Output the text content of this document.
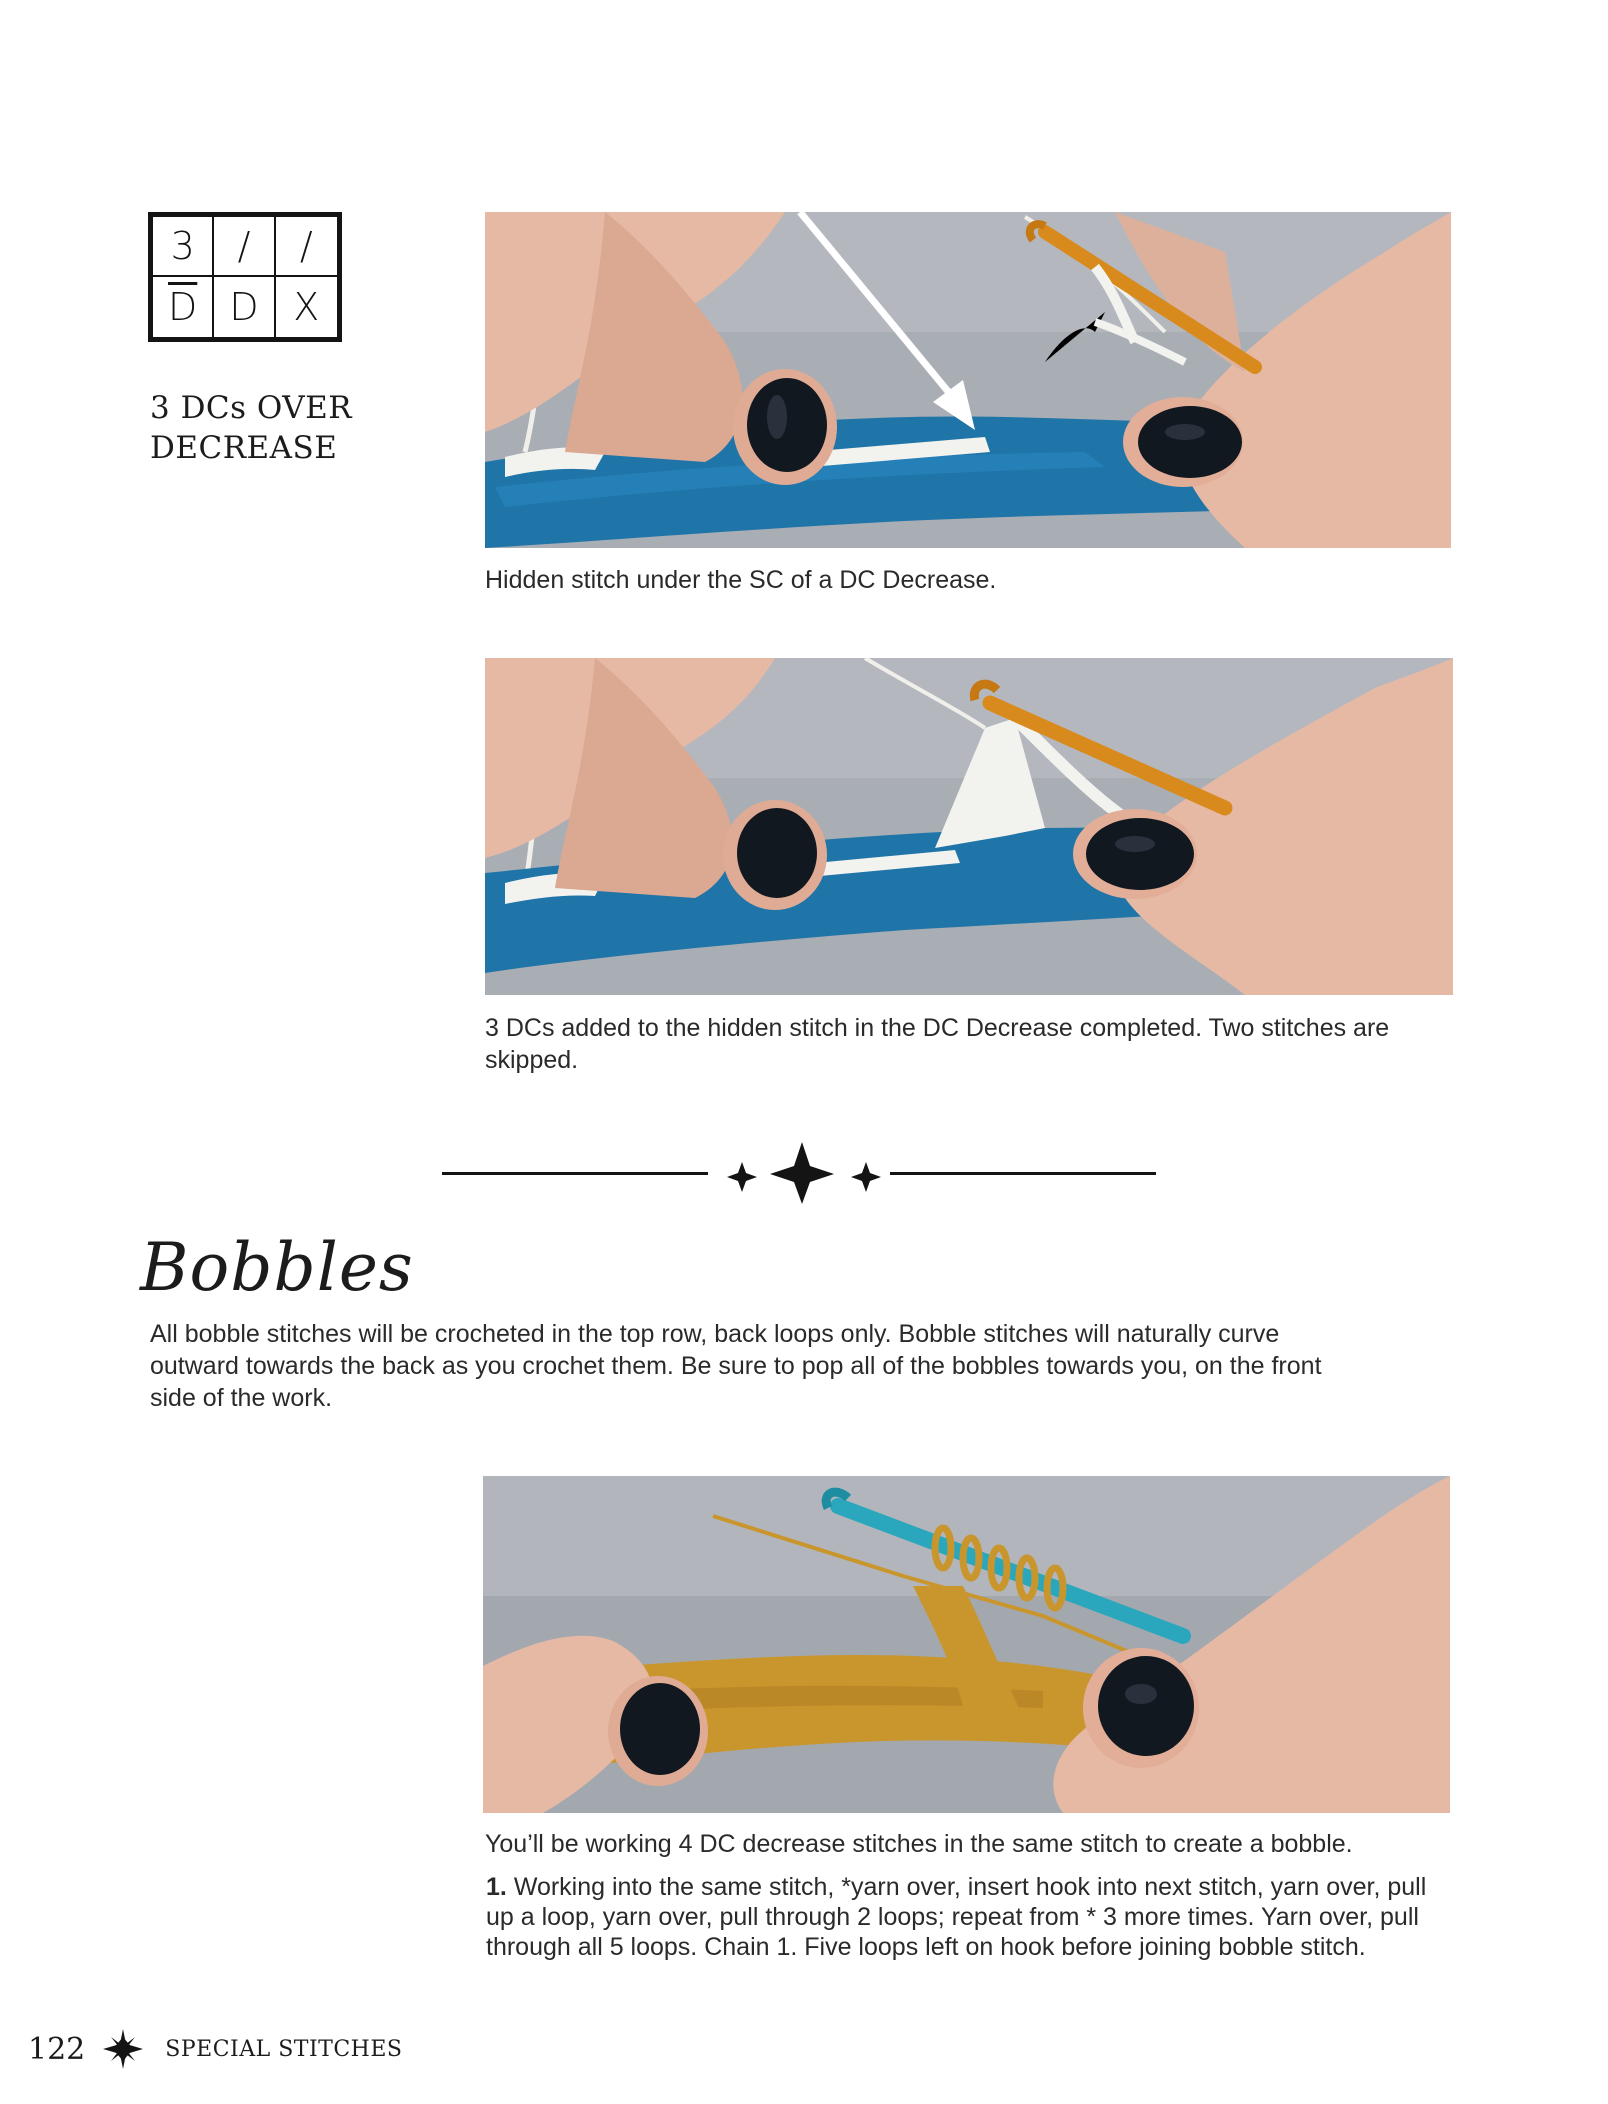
3	/	/
$\overline{D}$ D X
3 DCs OVER DECREASE

Hidden stitch under the SC of a DC Decrease.

3 DCs added to the hidden stitch in the DC Decrease completed. Two stitches are skipped.

Bobbles

All bobble stitches will be crocheted in the top row, back loops only. Bobble stitches will naturally curve outward towards the back as you crochet them. Be sure to pop all of the bobbles towards you, on the front side of the work.

You’ll be working 4 DC decrease stitches in the same stitch to create a bobble.

1. Working into the same stitch, *yarn over, insert hook into next stitch, yarn over, pull up a loop, yarn over, pull through 2 loops; repeat from * 3 more times. Yarn over, pull through all 5 loops. Chain 1. Five loops left on hook before joining bobble stitch.

122	SPECIAL STITCHES
